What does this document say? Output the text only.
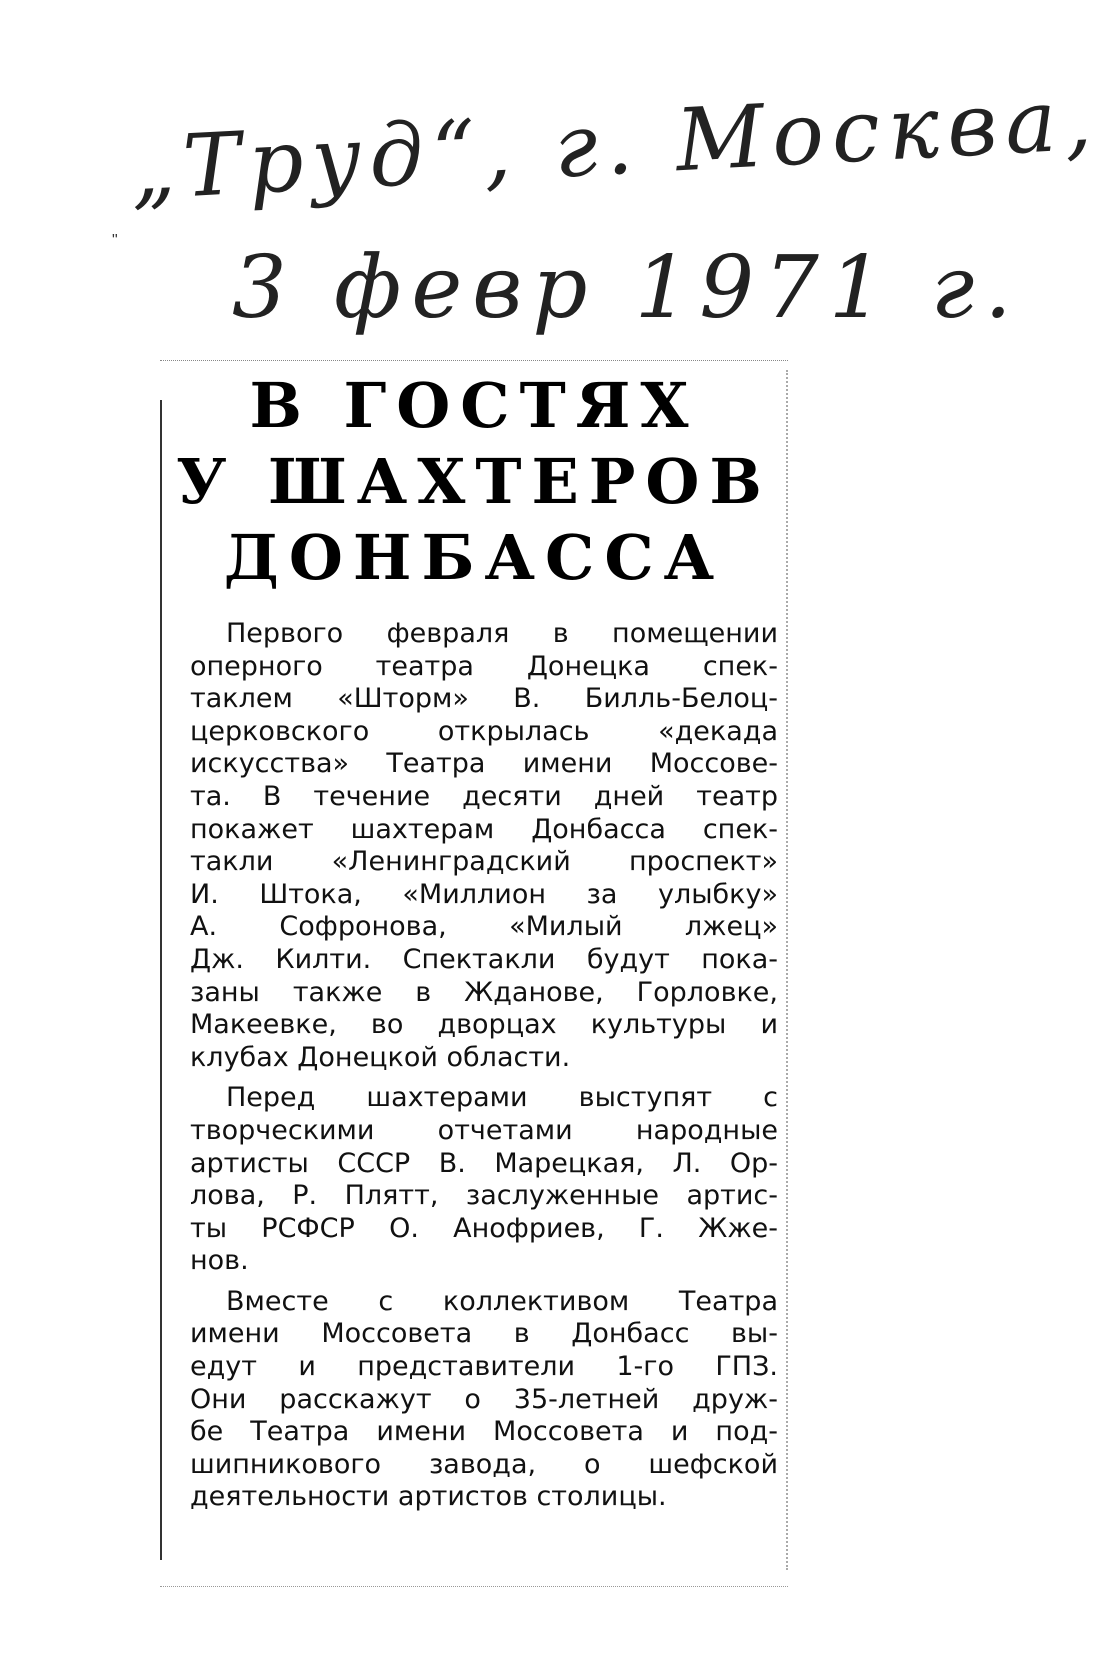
"
„Труд“, г. Москва,
3 февр 1971 г.
В ГОСТЯХ
У ШАХТЕРОВ
ДОНБАССА
Первого февраля в помещении
оперного театра Донецка спек-
таклем «Шторм» В. Билль-Белоц-
церковского открылась «декада
искусства» Театра имени Моссове-
та. В течение десяти дней театр
покажет шахтерам Донбасса спек-
такли «Ленинградский проспект»
И. Штока, «Миллион за улыбку»
А. Софронова, «Милый лжец»
Дж. Килти. Спектакли будут пока-
заны также в Жданове, Горловке,
Макеевке, во дворцах культуры и
клубах Донецкой области.
Перед шахтерами выступят с
творческими отчетами народные
артисты СССР В. Марецкая, Л. Ор-
лова, Р. Плятт, заслуженные артис-
ты РСФСР О. Анофриев, Г. Жже-
нов.
Вместе с коллективом Театра
имени Моссовета в Донбасс вы-
едут и представители 1-го ГПЗ.
Они расскажут о 35-летней друж-
бе Театра имени Моссовета и под-
шипникового завода, о шефской
деятельности артистов столицы.
